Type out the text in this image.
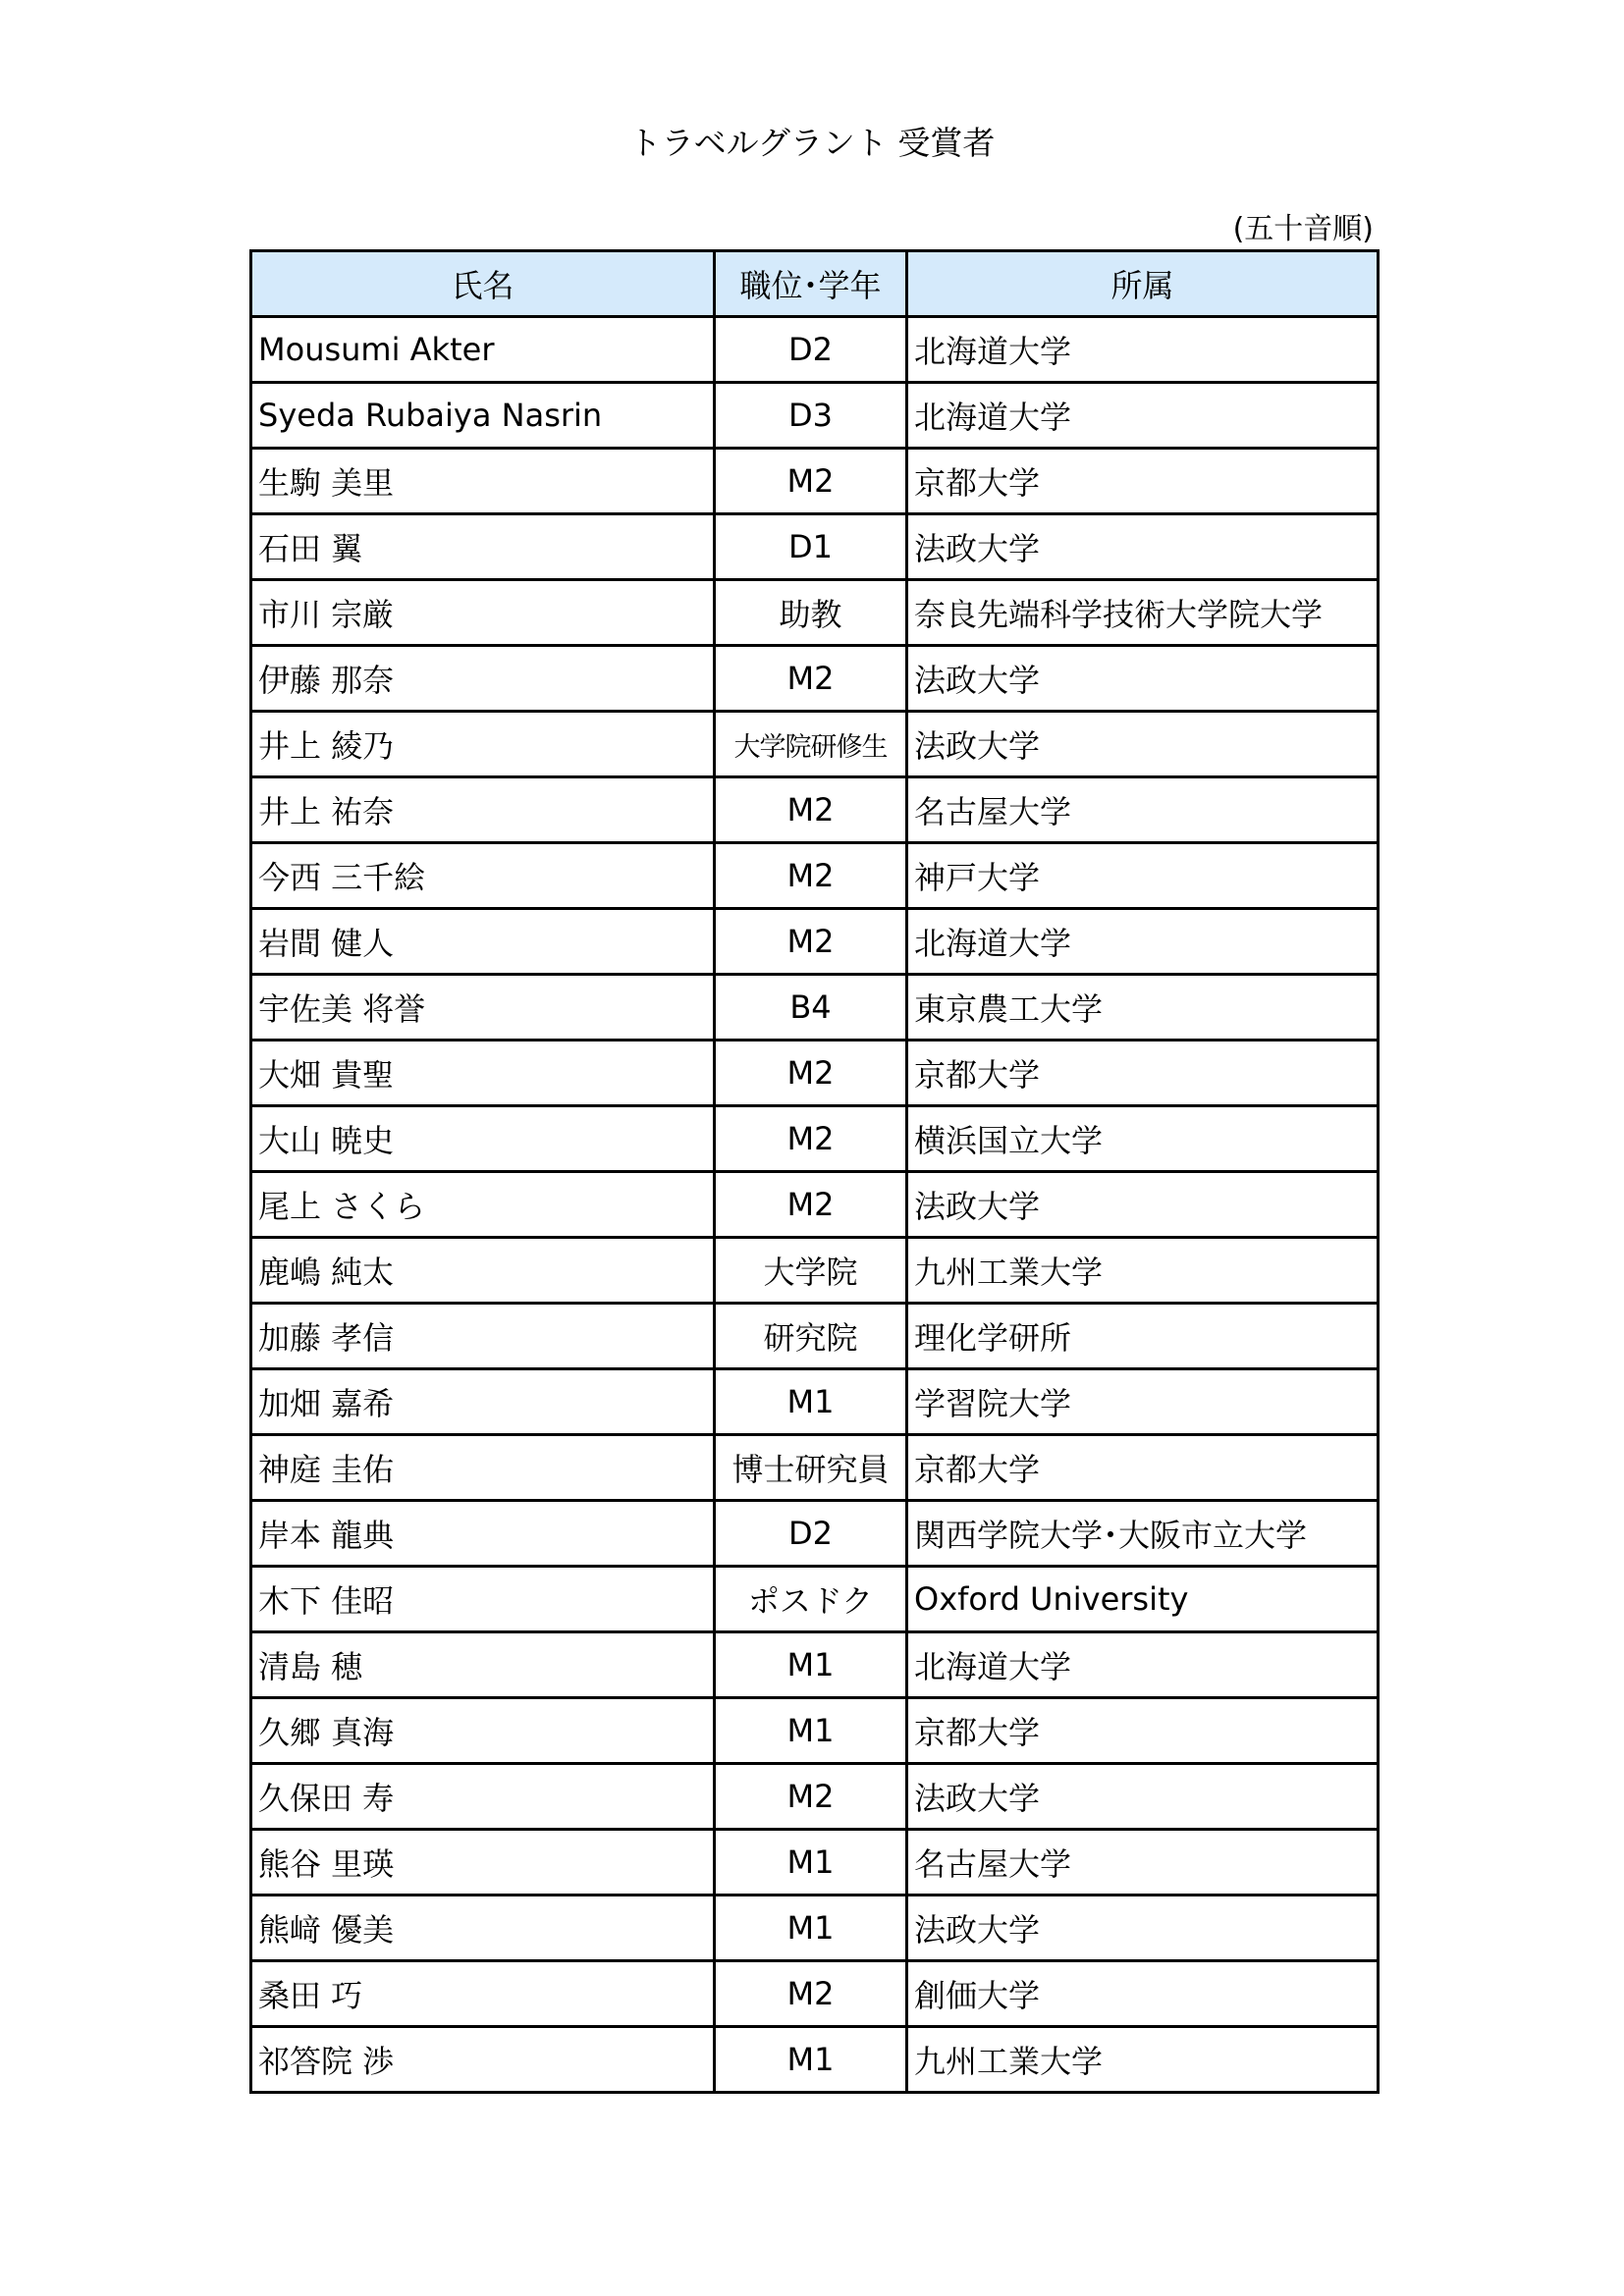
トラベルグラント 受賞者
(五十音順)
氏名	職位･学年	所属
Mousumi Akter	D2	北海道大学
Syeda Rubaiya Nasrin	D3	北海道大学
生駒 美里	M2	京都大学
石田 翼	D1	法政大学
市川 宗厳	助教	奈良先端科学技術大学院大学
伊藤 那奈	M2	法政大学
井上 綾乃	大学院研修生	法政大学
井上 祐奈	M2	名古屋大学
今西 三千絵	M2	神戸大学
岩間 健人	M2	北海道大学
宇佐美 将誉	B4	東京農工大学
大畑 貴聖	M2	京都大学
大山 暁史	M2	横浜国立大学
尾上 さくら	M2	法政大学
鹿嶋 純太	大学院	九州工業大学
加藤 孝信	研究院	理化学研所
加畑 嘉希	M1	学習院大学
神庭 圭佑	博士研究員	京都大学
岸本 龍典	D2	関西学院大学･大阪市立大学
木下 佳昭	ポスドク	Oxford University
清島 穂	M1	北海道大学
久郷 真海	M1	京都大学
久保田 寿	M2	法政大学
熊谷 里瑛	M1	名古屋大学
熊﨑 優美	M1	法政大学
桑田 巧	M2	創価大学
祁答院 渉	M1	九州工業大学
